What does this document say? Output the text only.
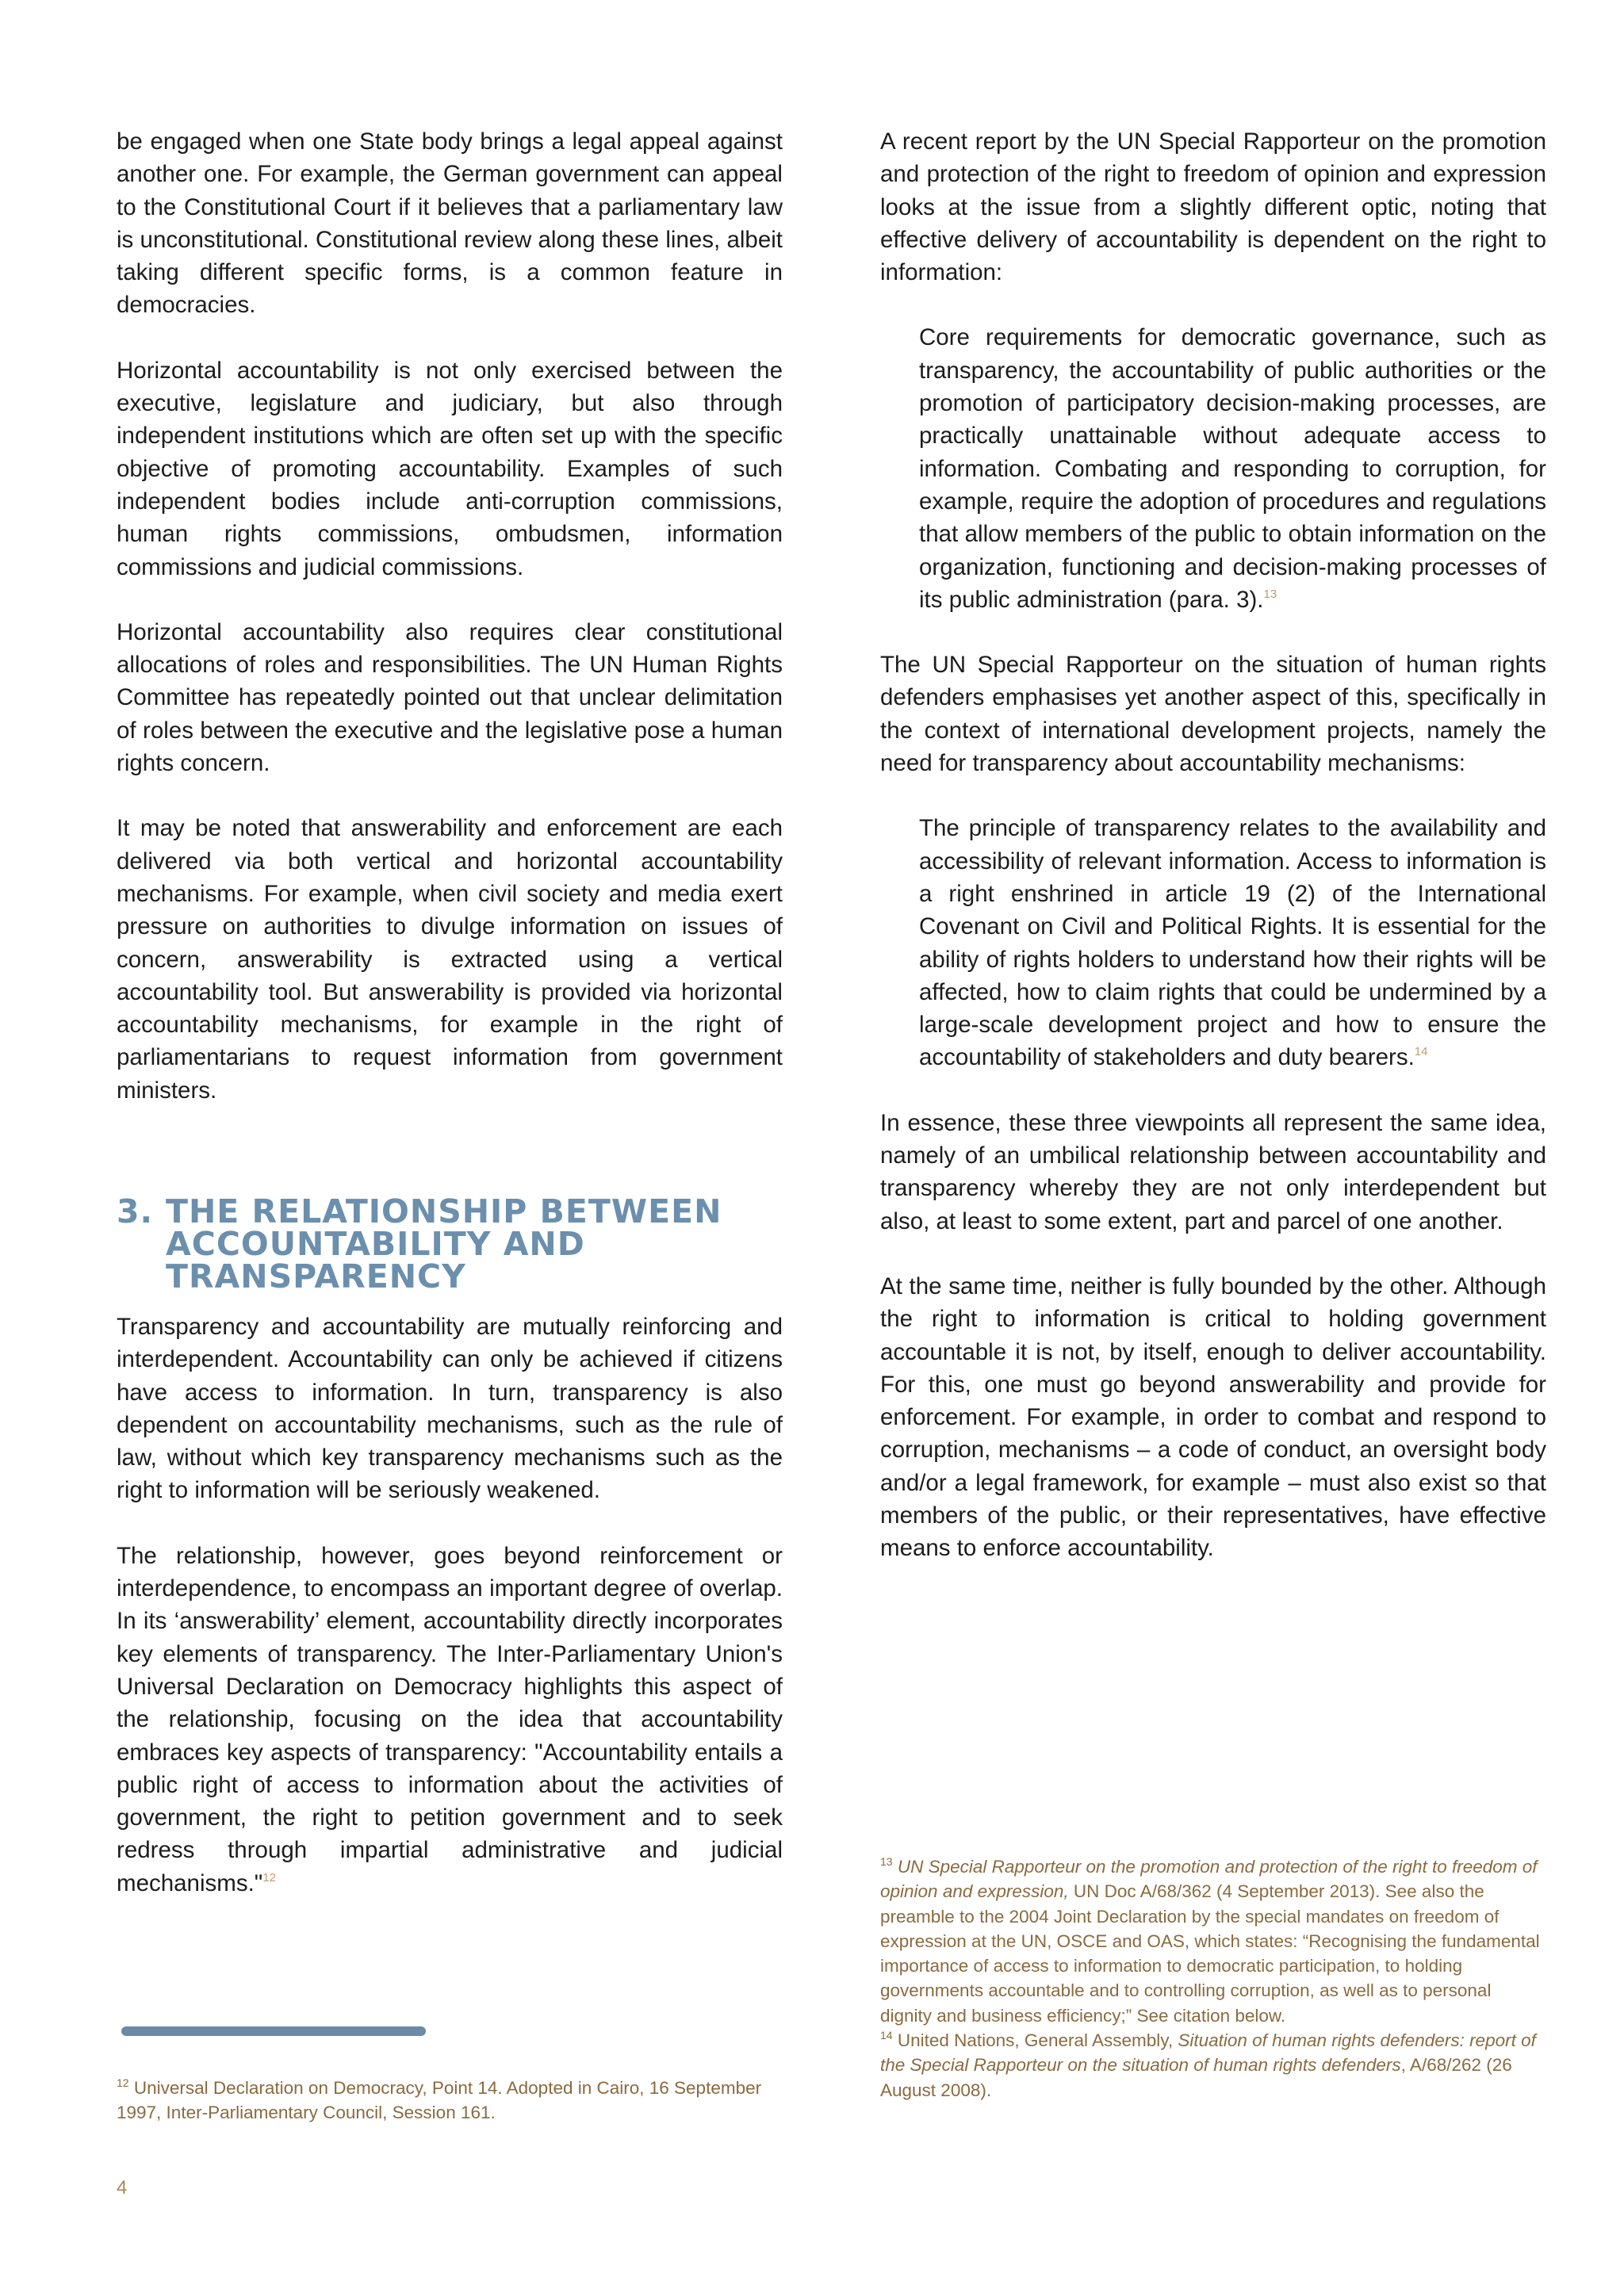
be engaged when one State body brings a legal appeal against another one. For example, the German government can appeal to the Constitutional Court if it believes that a parliamentary law is unconstitutional. Constitutional review along these lines, albeit taking different specific forms, is a common feature in democracies.

Horizontal accountability is not only exercised between the executive, legislature and judiciary, but also through independent institutions which are often set up with the specific objective of promoting accountability. Examples of such independent bodies include anti-corruption commissions, human rights commissions, ombudsmen, information commissions and judicial commissions.

Horizontal accountability also requires clear constitutional allocations of roles and responsibilities. The UN Human Rights Committee has repeatedly pointed out that unclear delimitation of roles between the executive and the legislative pose a human rights concern.

It may be noted that answerability and enforcement are each delivered via both vertical and horizontal accountability mechanisms. For example, when civil society and media exert pressure on authorities to divulge information on issues of concern, answerability is extracted using a vertical accountability tool. But answerability is provided via horizontal accountability mechanisms, for example in the right of parliamentarians to request information from government ministers.

3. THE RELATIONSHIP BETWEEN ACCOUNTABILITY AND TRANSPARENCY

Transparency and accountability are mutually reinforcing and interdependent. Accountability can only be achieved if citizens have access to information. In turn, transparency is also dependent on accountability mechanisms, such as the rule of law, without which key transparency mechanisms such as the right to information will be seriously weakened.

The relationship, however, goes beyond reinforcement or interdependence, to encompass an important degree of overlap. In its ‘answerability’ element, accountability directly incorporates key elements of transparency. The Inter-Parliamentary Union's Universal Declaration on Democracy highlights this aspect of the relationship, focusing on the idea that accountability embraces key aspects of transparency: "Accountability entails a public right of access to information about the activities of government, the right to petition government and to seek redress through impartial administrative and judicial mechanisms."$^{12}$

A recent report by the UN Special Rapporteur on the promotion and protection of the right to freedom of opinion and expression looks at the issue from a slightly different optic, noting that effective delivery of accountability is dependent on the right to information:

Core requirements for democratic governance, such as transparency, the accountability of public authorities or the promotion of participatory decision-making processes, are practically unattainable without adequate access to information. Combating and responding to corruption, for example, require the adoption of procedures and regulations that allow members of the public to obtain information on the organization, functioning and decision-making processes of its public administration (para. 3).$^{13}$

The UN Special Rapporteur on the situation of human rights defenders emphasises yet another aspect of this, specifically in the context of international development projects, namely the need for transparency about accountability mechanisms:

The principle of transparency relates to the availability and accessibility of relevant information. Access to information is a right enshrined in article 19 (2) of the International Covenant on Civil and Political Rights. It is essential for the ability of rights holders to understand how their rights will be affected, how to claim rights that could be undermined by a large-scale development project and how to ensure the accountability of stakeholders and duty bearers.$^{14}$

In essence, these three viewpoints all represent the same idea, namely of an umbilical relationship between accountability and transparency whereby they are not only interdependent but also, at least to some extent, part and parcel of one another.

At the same time, neither is fully bounded by the other. Although the right to information is critical to holding government accountable it is not, by itself, enough to deliver accountability. For this, one must go beyond answerability and provide for enforcement. For example, in order to combat and respond to corruption, mechanisms – a code of conduct, an oversight body and/or a legal framework, for example – must also exist so that members of the public, or their representatives, have effective means to enforce accountability.

$^{12}$ Universal Declaration on Democracy, Point 14. Adopted in Cairo, 16 September 1997, Inter-Parliamentary Council, Session 161.
$^{13}$ UN Special Rapporteur on the promotion and protection of the right to freedom of opinion and expression, UN Doc A/68/362 (4 September 2013). See also the preamble to the 2004 Joint Declaration by the special mandates on freedom of expression at the UN, OSCE and OAS, which states: “Recognising the fundamental importance of access to information to democratic participation, to holding governments accountable and to controlling corruption, as well as to personal dignity and business efficiency;” See citation below.
$^{14}$ United Nations, General Assembly, Situation of human rights defenders: report of the Special Rapporteur on the situation of human rights defenders, A/68/262 (26 August 2008).
4
